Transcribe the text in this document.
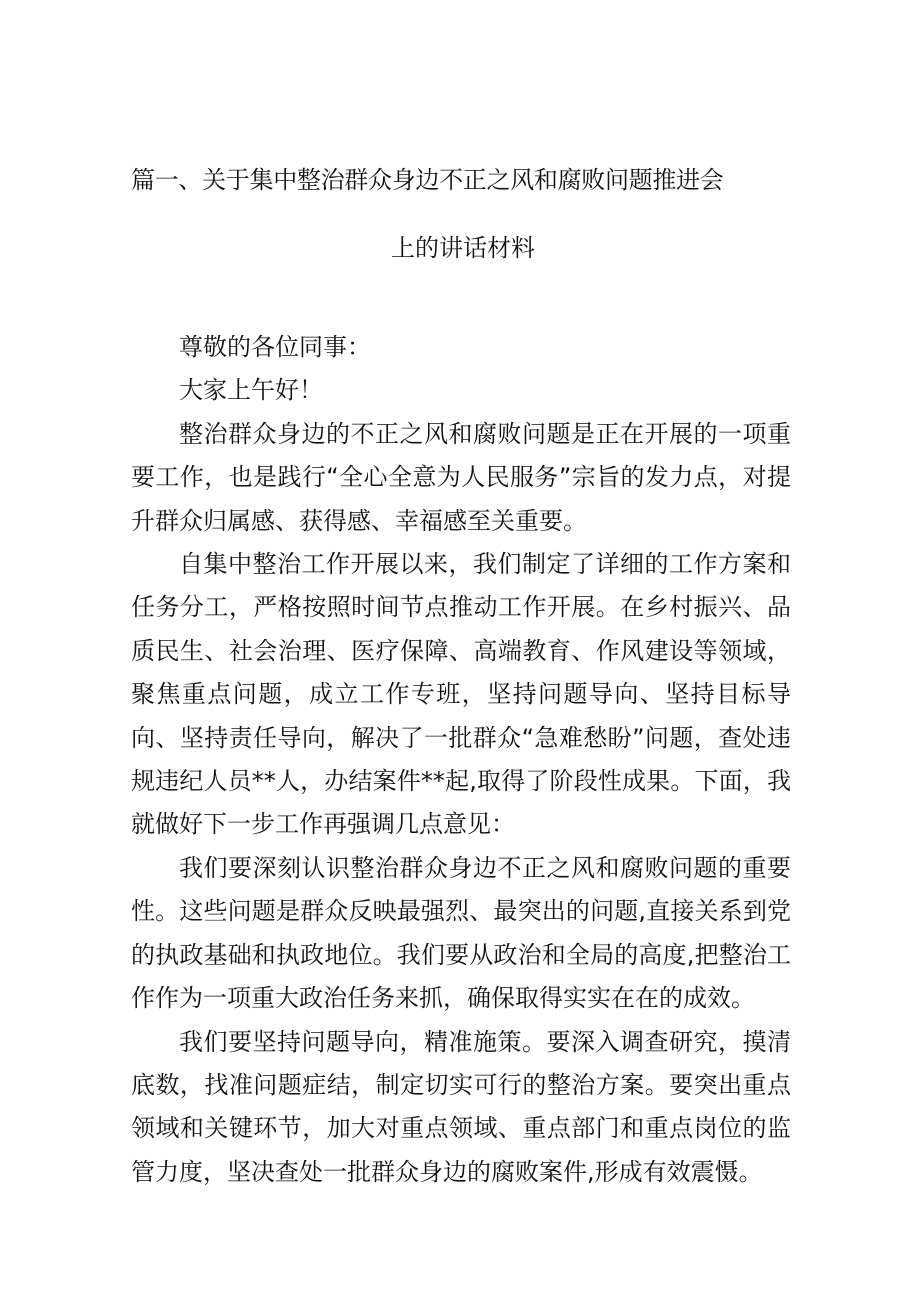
篇一、关于集中整治群众身边不正之风和腐败问题推进会
上的讲话材料

尊敬的各位同事：

大家上午好！

整治群众身边的不正之风和腐败问题是正在开展的一项重要工作，也是践行“全心全意为人民服务”宗旨的发力点，对提升群众归属感、获得感、幸福感至关重要。

自集中整治工作开展以来，我们制定了详细的工作方案和任务分工，严格按照时间节点推动工作开展。在乡村振兴、品质民生、社会治理、医疗保障、高端教育、作风建设等领域，聚焦重点问题，成立工作专班，坚持问题导向、坚持目标导向、坚持责任导向，解决了一批群众“急难愁盼”问题，查处违规违纪人员**人，办结案件**起,取得了阶段性成果。下面，我就做好下一步工作再强调几点意见：

我们要深刻认识整治群众身边不正之风和腐败问题的重要性。这些问题是群众反映最强烈、最突出的问题,直接关系到党的执政基础和执政地位。我们要从政治和全局的高度,把整治工作作为一项重大政治任务来抓，确保取得实实在在的成效。

我们要坚持问题导向，精准施策。要深入调查研究，摸清底数，找准问题症结，制定切实可行的整治方案。要突出重点领域和关键环节，加大对重点领域、重点部门和重点岗位的监管力度，坚决查处一批群众身边的腐败案件,形成有效震慑。
